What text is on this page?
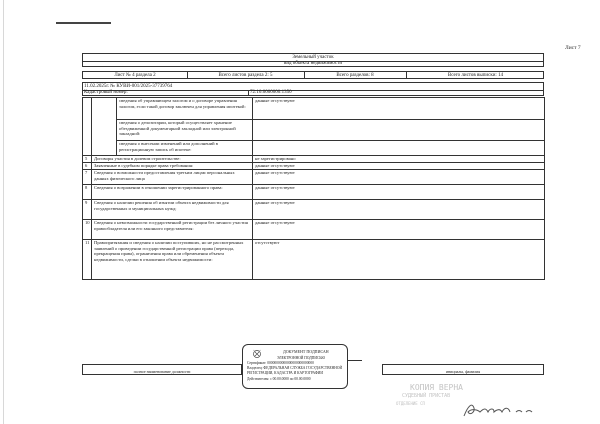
Лист 7
Земельный участок
вид объекта недвижимости
Лист № 4 раздела 2	Всего листов раздела 2: 5	Всего разделов: 8	Всего листов выписки: 14
11.02.2025г. № КУВИ-001/2025-37739764
Кадастровый номер:	72:16:0000000:1350
		сведения об управляющем залогом и о договоре управления залогом, если такой договор заключен для управления ипотекой:	данные отсутствуют
		сведения о депозитарии, который осуществляет хранение обездвиженной документарной закладной или электронной закладной:	
		сведения о внесении изменений или дополнений в регистрационную запись об ипотеке:	
5	Договоры участия в долевом строительстве:		не зарегистрировано
6	Заявленные в судебном порядке права требования:		данные отсутствуют
7	Сведения о возможности предоставления третьим лицам персональных данных физического лица		данные отсутствуют
8	Сведения о возражении в отношении зарегистрированного права:		данные отсутствуют
9	Сведения о наличии решения об изъятии объекта недвижимости для государственных и муниципальных нужд:		данные отсутствуют
10	Сведения о невозможности государственной регистрации без личного участия правообладателя или его законного представителя:		данные отсутствуют
11	Правопритязания и сведения о наличии поступивших, но не рассмотренных заявлений о проведении государственной регистрации права (перехода, прекращения права), ограничения права или обременения объекта недвижимости, сделки в отношении объекта недвижимости:		отсутствуют
полное наименование должности
ДОКУМЕНТ ПОДПИСАН
ЭЛЕКТРОННОЙ ПОДПИСЬЮ
Сертификат: 00000000000000000000000000
Владелец: ФЕДЕРАЛЬНАЯ СЛУЖБА ГОСУДАРСТВЕННОЙ
РЕГИСТРАЦИИ, КАДАСТРА И КАРТОГРАФИИ
Действителен: с 00.00.0000 по 00.00.0000
инициалы, фамилия
КОПИЯ ВЕРНА
СУДЕБНЫЙ ПРИСТАВ
ОТДЕЛЕНИЕ СП
